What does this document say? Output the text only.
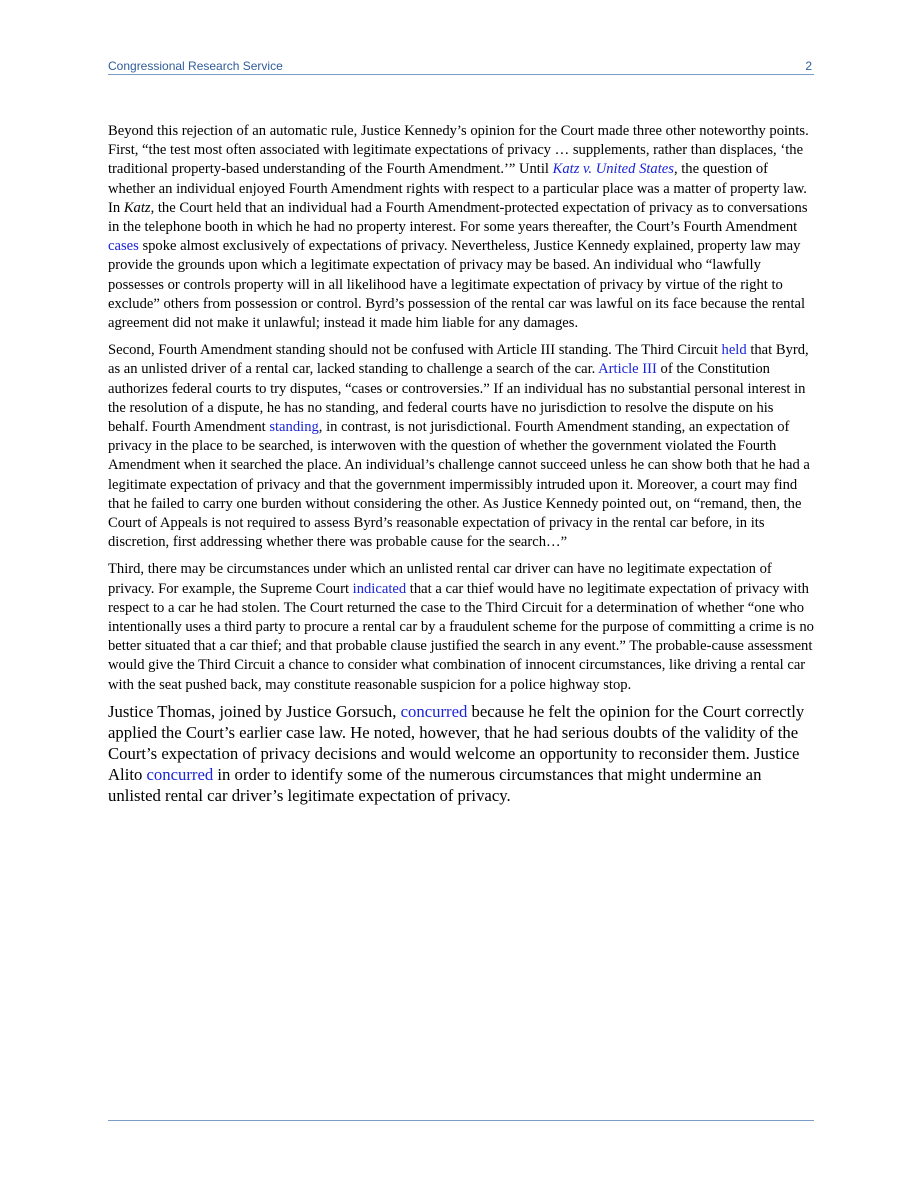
Congressional Research Service	2

Beyond this rejection of an automatic rule, Justice Kennedy’s opinion for the Court made three other noteworthy points. First, “the test most often associated with legitimate expectations of privacy … supplements, rather than displaces, ‘the traditional property-based understanding of the Fourth Amendment.’” Until Katz v. United States, the question of whether an individual enjoyed Fourth Amendment rights with respect to a particular place was a matter of property law. In Katz, the Court held that an individual had a Fourth Amendment-protected expectation of privacy as to conversations in the telephone booth in which he had no property interest. For some years thereafter, the Court’s Fourth Amendment cases spoke almost exclusively of expectations of privacy. Nevertheless, Justice Kennedy explained, property law may provide the grounds upon which a legitimate expectation of privacy may be based. An individual who “lawfully possesses or controls property will in all likelihood have a legitimate expectation of privacy by virtue of the right to exclude” others from possession or control. Byrd’s possession of the rental car was lawful on its face because the rental agreement did not make it unlawful; instead it made him liable for any damages.

Second, Fourth Amendment standing should not be confused with Article III standing. The Third Circuit held that Byrd, as an unlisted driver of a rental car, lacked standing to challenge a search of the car. Article III of the Constitution authorizes federal courts to try disputes, “cases or controversies.” If an individual has no substantial personal interest in the resolution of a dispute, he has no standing, and federal courts have no jurisdiction to resolve the dispute on his behalf. Fourth Amendment standing, in contrast, is not jurisdictional. Fourth Amendment standing, an expectation of privacy in the place to be searched, is interwoven with the question of whether the government violated the Fourth Amendment when it searched the place. An individual’s challenge cannot succeed unless he can show both that he had a legitimate expectation of privacy and that the government impermissibly intruded upon it. Moreover, a court may find that he failed to carry one burden without considering the other. As Justice Kennedy pointed out, on “remand, then, the Court of Appeals is not required to assess Byrd’s reasonable expectation of privacy in the rental car before, in its discretion, first addressing whether there was probable cause for the search…”

Third, there may be circumstances under which an unlisted rental car driver can have no legitimate expectation of privacy. For example, the Supreme Court indicated that a car thief would have no legitimate expectation of privacy with respect to a car he had stolen. The Court returned the case to the Third Circuit for a determination of whether “one who intentionally uses a third party to procure a rental car by a fraudulent scheme for the purpose of committing a crime is no better situated that a car thief; and that probable clause justified the search in any event.” The probable-cause assessment would give the Third Circuit a chance to consider what combination of innocent circumstances, like driving a rental car with the seat pushed back, may constitute reasonable suspicion for a police highway stop.

Justice Thomas, joined by Justice Gorsuch, concurred because he felt the opinion for the Court correctly applied the Court’s earlier case law. He noted, however, that he had serious doubts of the validity of the Court’s expectation of privacy decisions and would welcome an opportunity to reconsider them. Justice Alito concurred in order to identify some of the numerous circumstances that might undermine an unlisted rental car driver’s legitimate expectation of privacy.
